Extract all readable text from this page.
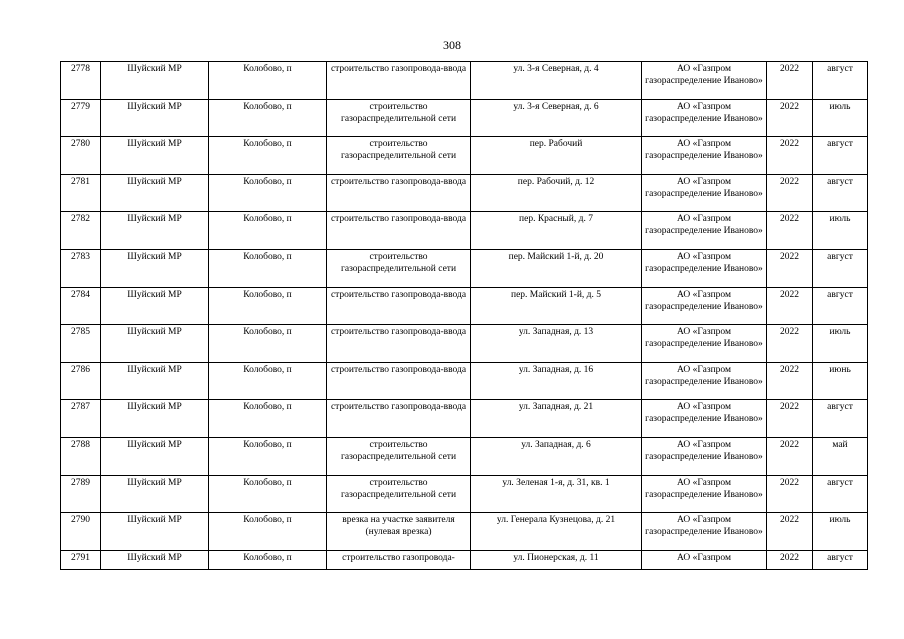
308
2778	Шуйский МР	Колобово, п	строительство газопровода-ввода	ул. 3-я Северная, д. 4	АО «Газпром газораспределение Иваново»	2022	август
2779	Шуйский МР	Колобово, п	строительство газораспределительной сети	ул. 3-я Северная, д. 6	АО «Газпром газораспределение Иваново»	2022	июль
2780	Шуйский МР	Колобово, п	строительство газораспределительной сети	пер. Рабочий	АО «Газпром газораспределение Иваново»	2022	август
2781	Шуйский МР	Колобово, п	строительство газопровода-ввода	пер. Рабочий, д. 12	АО «Газпром газораспределение Иваново»	2022	август
2782	Шуйский МР	Колобово, п	строительство газопровода-ввода	пер. Красный, д. 7	АО «Газпром газораспределение Иваново»	2022	июль
2783	Шуйский МР	Колобово, п	строительство газораспределительной сети	пер. Майский 1-й, д. 20	АО «Газпром газораспределение Иваново»	2022	август
2784	Шуйский МР	Колобово, п	строительство газопровода-ввода	пер. Майский 1-й, д. 5	АО «Газпром газораспределение Иваново»	2022	август
2785	Шуйский МР	Колобово, п	строительство газопровода-ввода	ул. Западная, д. 13	АО «Газпром газораспределение Иваново»	2022	июль
2786	Шуйский МР	Колобово, п	строительство газопровода-ввода	ул. Западная, д. 16	АО «Газпром газораспределение Иваново»	2022	июнь
2787	Шуйский МР	Колобово, п	строительство газопровода-ввода	ул. Западная, д. 21	АО «Газпром газораспределение Иваново»	2022	август
2788	Шуйский МР	Колобово, п	строительство газораспределительной сети	ул. Западная, д. 6	АО «Газпром газораспределение Иваново»	2022	май
2789	Шуйский МР	Колобово, п	строительство газораспределительной сети	ул. Зеленая 1-я, д. 31, кв. 1	АО «Газпром газораспределение Иваново»	2022	август
2790	Шуйский МР	Колобово, п	врезка на участке заявителя (нулевая врезка)	ул. Генерала Кузнецова, д. 21	АО «Газпром газораспределение Иваново»	2022	июль
2791	Шуйский МР	Колобово, п	строительство газопровода-	ул. Пионерская, д. 11	АО «Газпром	2022	август
